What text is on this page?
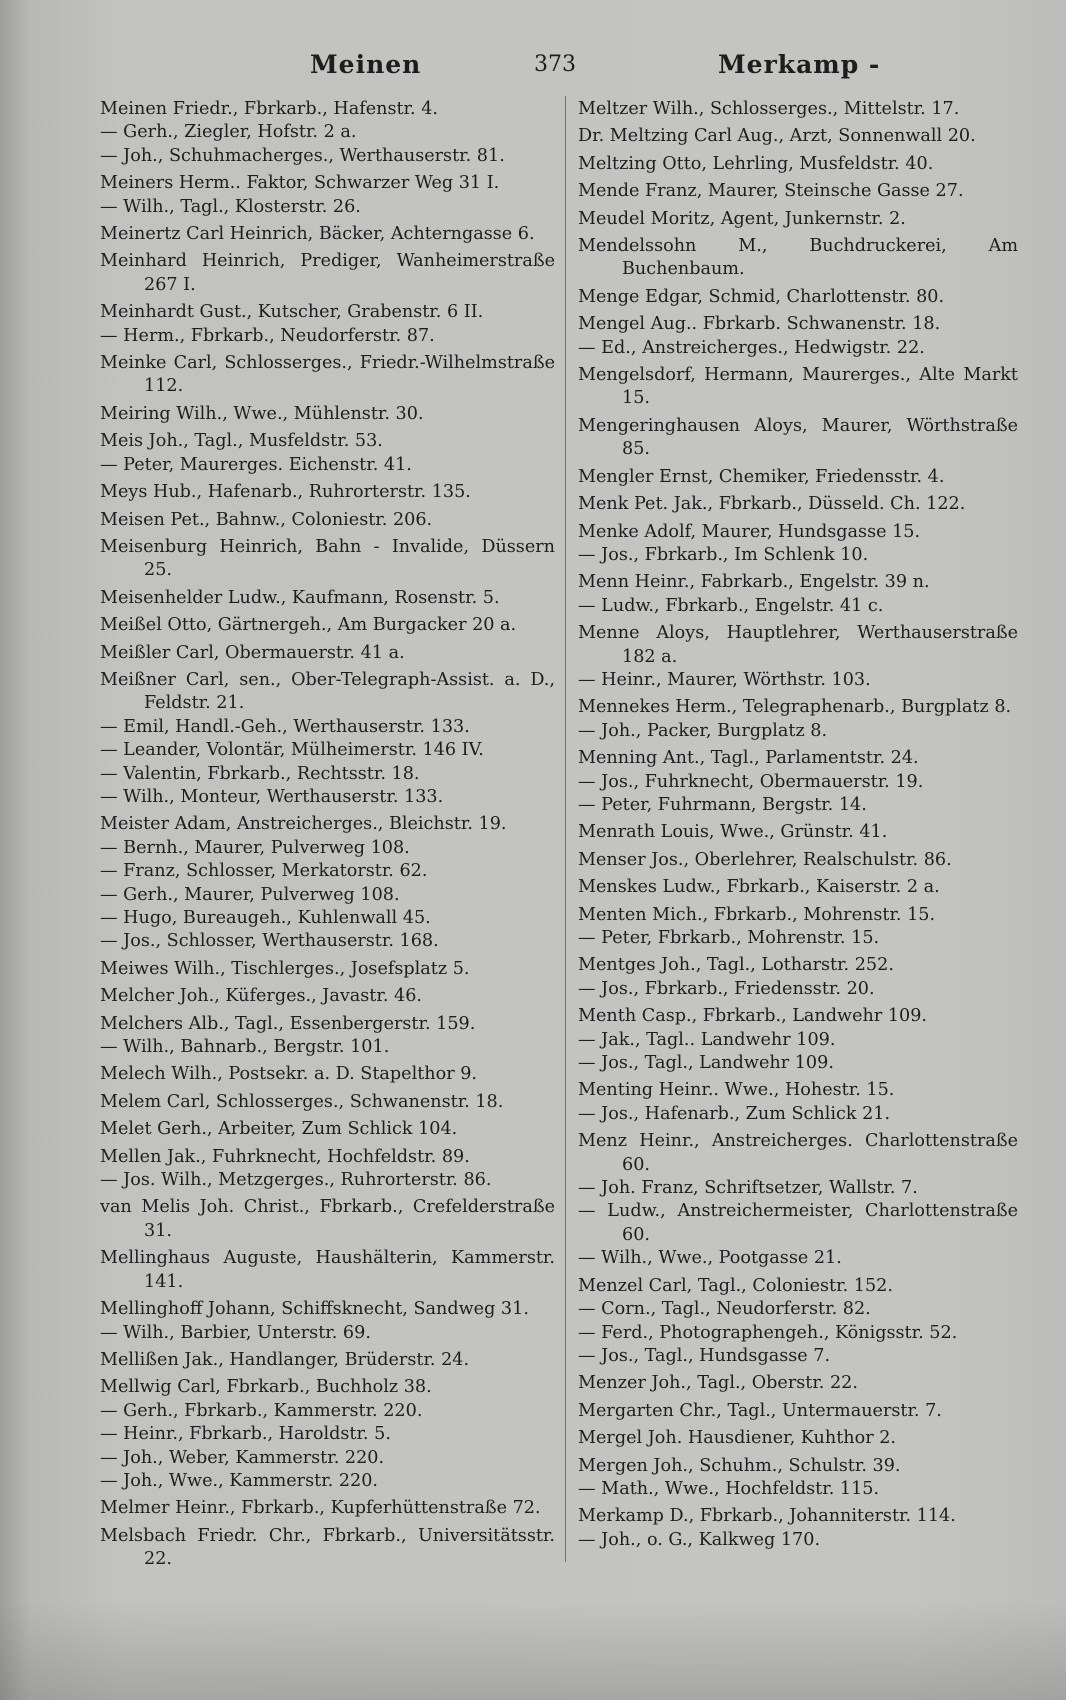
Meinen	373	Merkamp -

Meinen Friedr., Fbrkarb., Hafenstr. 4.

— Gerh., Ziegler, Hofstr. 2 a.

— Joh., Schuhmacherges., Werthauserstr. 81.

Meiners Herm.. Faktor, Schwarzer Weg 31 I.

— Wilh., Tagl., Klosterstr. 26.

Meinertz Carl Heinrich, Bäcker, Achterngasse 6.

Meinhard Heinrich, Prediger, Wanheimerstraße 267 I.

Meinhardt Gust., Kutscher, Grabenstr. 6 II.

— Herm., Fbrkarb., Neudorferstr. 87.

Meinke Carl, Schlosserges., Friedr.-Wilhelmstraße 112.

Meiring Wilh., Wwe., Mühlenstr. 30.

Meis Joh., Tagl., Musfeldstr. 53.

— Peter, Maurerges. Eichenstr. 41.

Meys Hub., Hafenarb., Ruhrorterstr. 135.

Meisen Pet., Bahnw., Coloniestr. 206.

Meisenburg Heinrich, Bahn - Invalide, Düssern 25.

Meisenhelder Ludw., Kaufmann, Rosenstr. 5.

Meißel Otto, Gärtnergeh., Am Burgacker 20 a.

Meißler Carl, Obermauerstr. 41 a.

Meißner Carl, sen., Ober-Telegraph-Assist. a. D., Feldstr. 21.

— Emil, Handl.-Geh., Werthauserstr. 133.

— Leander, Volontär, Mülheimerstr. 146 IV.

— Valentin, Fbrkarb., Rechtsstr. 18.

— Wilh., Monteur, Werthauserstr. 133.

Meister Adam, Anstreicherges., Bleichstr. 19.

— Bernh., Maurer, Pulverweg 108.

— Franz, Schlosser, Merkatorstr. 62.

— Gerh., Maurer, Pulverweg 108.

— Hugo, Bureaugeh., Kuhlenwall 45.

— Jos., Schlosser, Werthauserstr. 168.

Meiwes Wilh., Tischlerges., Josefsplatz 5.

Melcher Joh., Küferges., Javastr. 46.

Melchers Alb., Tagl., Essenbergerstr. 159.

— Wilh., Bahnarb., Bergstr. 101.

Melech Wilh., Postsekr. a. D. Stapelthor 9.

Melem Carl, Schlosserges., Schwanenstr. 18.

Melet Gerh., Arbeiter, Zum Schlick 104.

Mellen Jak., Fuhrknecht, Hochfeldstr. 89.

— Jos. Wilh., Metzgerges., Ruhrorterstr. 86.

van Melis Joh. Christ., Fbrkarb., Crefelderstraße 31.

Mellinghaus Auguste, Haushälterin, Kammerstr. 141.

Mellinghoff Johann, Schiffsknecht, Sandweg 31.

— Wilh., Barbier, Unterstr. 69.

Mellißen Jak., Handlanger, Brüderstr. 24.

Mellwig Carl, Fbrkarb., Buchholz 38.

— Gerh., Fbrkarb., Kammerstr. 220.

— Heinr., Fbrkarb., Haroldstr. 5.

— Joh., Weber, Kammerstr. 220.

— Joh., Wwe., Kammerstr. 220.

Melmer Heinr., Fbrkarb., Kupferhüttenstraße 72.

Melsbach Friedr. Chr., Fbrkarb., Universitätsstr. 22.

Meltzer Wilh., Schlosserges., Mittelstr. 17.

Dr. Meltzing Carl Aug., Arzt, Sonnenwall 20.

Meltzing Otto, Lehrling, Musfeldstr. 40.

Mende Franz, Maurer, Steinsche Gasse 27.

Meudel Moritz, Agent, Junkernstr. 2.

Mendelssohn M., Buchdruckerei, Am Buchenbaum.

Menge Edgar, Schmid, Charlottenstr. 80.

Mengel Aug.. Fbrkarb. Schwanenstr. 18.

— Ed., Anstreicherges., Hedwigstr. 22.

Mengelsdorf, Hermann, Maurerges., Alte Markt 15.

Mengeringhausen Aloys, Maurer, Wörthstraße 85.

Mengler Ernst, Chemiker, Friedensstr. 4.

Menk Pet. Jak., Fbrkarb., Düsseld. Ch. 122.

Menke Adolf, Maurer, Hundsgasse 15.

— Jos., Fbrkarb., Im Schlenk 10.

Menn Heinr., Fabrkarb., Engelstr. 39 n.

— Ludw., Fbrkarb., Engelstr. 41 c.

Menne Aloys, Hauptlehrer, Werthauserstraße 182 a.

— Heinr., Maurer, Wörthstr. 103.

Mennekes Herm., Telegraphenarb., Burgplatz 8.

— Joh., Packer, Burgplatz 8.

Menning Ant., Tagl., Parlamentstr. 24.

— Jos., Fuhrknecht, Obermauerstr. 19.

— Peter, Fuhrmann, Bergstr. 14.

Menrath Louis, Wwe., Grünstr. 41.

Menser Jos., Oberlehrer, Realschulstr. 86.

Menskes Ludw., Fbrkarb., Kaiserstr. 2 a.

Menten Mich., Fbrkarb., Mohrenstr. 15.

— Peter, Fbrkarb., Mohrenstr. 15.

Mentges Joh., Tagl., Lotharstr. 252.

— Jos., Fbrkarb., Friedensstr. 20.

Menth Casp., Fbrkarb., Landwehr 109.

— Jak., Tagl.. Landwehr 109.

— Jos., Tagl., Landwehr 109.

Menting Heinr.. Wwe., Hohestr. 15.

— Jos., Hafenarb., Zum Schlick 21.

Menz Heinr., Anstreicherges. Charlottenstraße 60.

— Joh. Franz, Schriftsetzer, Wallstr. 7.

— Ludw., Anstreichermeister, Charlottenstraße 60.

— Wilh., Wwe., Pootgasse 21.

Menzel Carl, Tagl., Coloniestr. 152.

— Corn., Tagl., Neudorferstr. 82.

— Ferd., Photographengeh., Königsstr. 52.

— Jos., Tagl., Hundsgasse 7.

Menzer Joh., Tagl., Oberstr. 22.

Mergarten Chr., Tagl., Untermauerstr. 7.

Mergel Joh. Hausdiener, Kuhthor 2.

Mergen Joh., Schuhm., Schulstr. 39.

— Math., Wwe., Hochfeldstr. 115.

Merkamp D., Fbrkarb., Johanniterstr. 114.

— Joh., o. G., Kalkweg 170.
